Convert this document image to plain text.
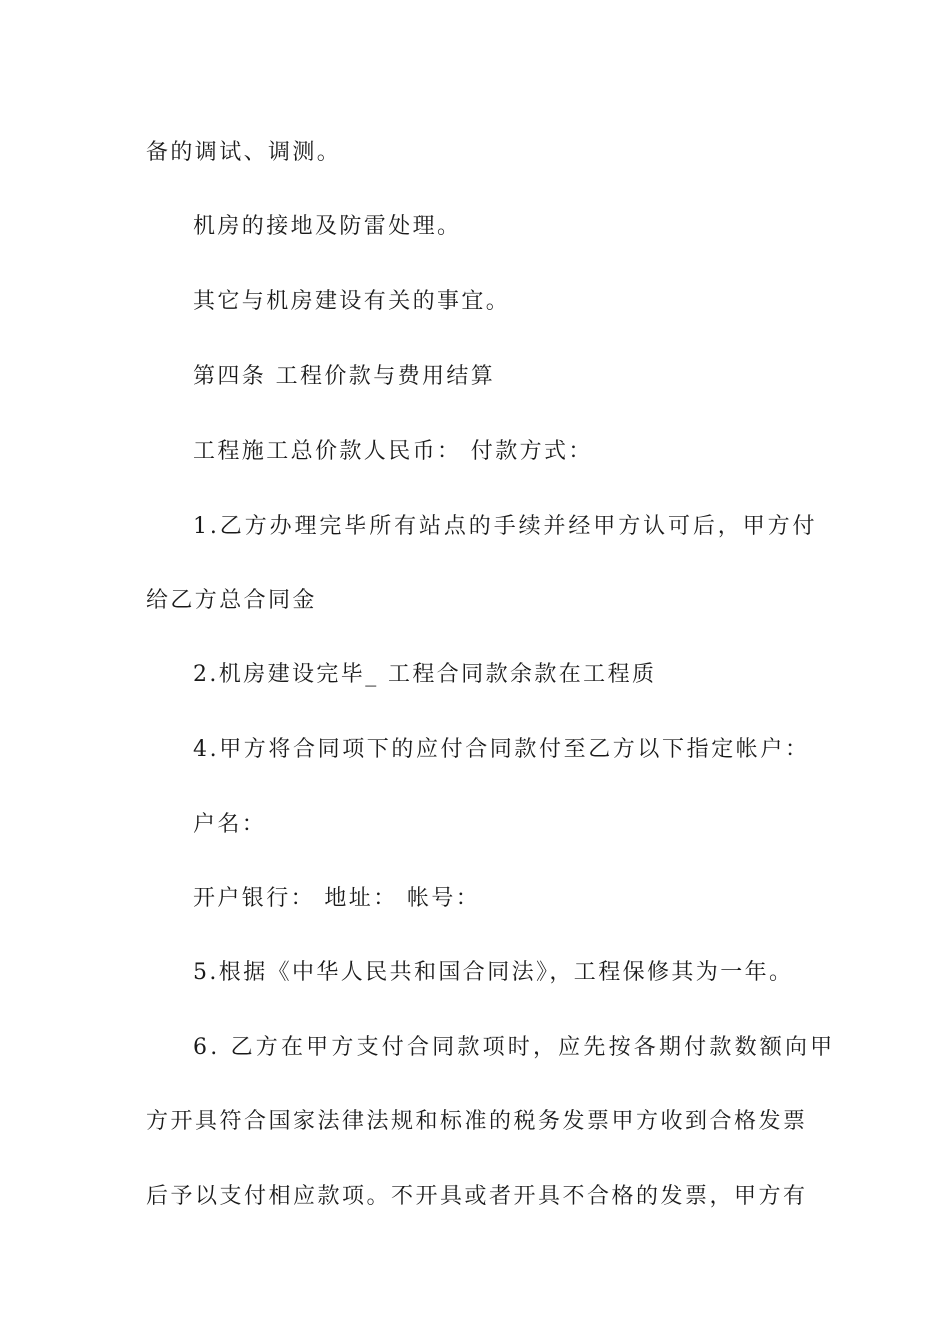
备的调试、调测。
机房的接地及防雷处理。
其它与机房建设有关的事宜。
第四条 工程价款与费用结算
工程施工总价款人民币： 付款方式：
1.乙方办理完毕所有站点的手续并经甲方认可后，甲方付
给乙方总合同金
2.机房建设完毕_ 工程合同款余款在工程质
4.甲方将合同项下的应付合同款付至乙方以下指定帐户：
户名：
开户银行： 地址： 帐号：
5.根据《中华人民共和国合同法》，工程保修其为一年。
6. 乙方在甲方支付合同款项时，应先按各期付款数额向甲
方开具符合国家法律法规和标准的税务发票甲方收到合格发票
后予以支付相应款项。不开具或者开具不合格的发票，甲方有
